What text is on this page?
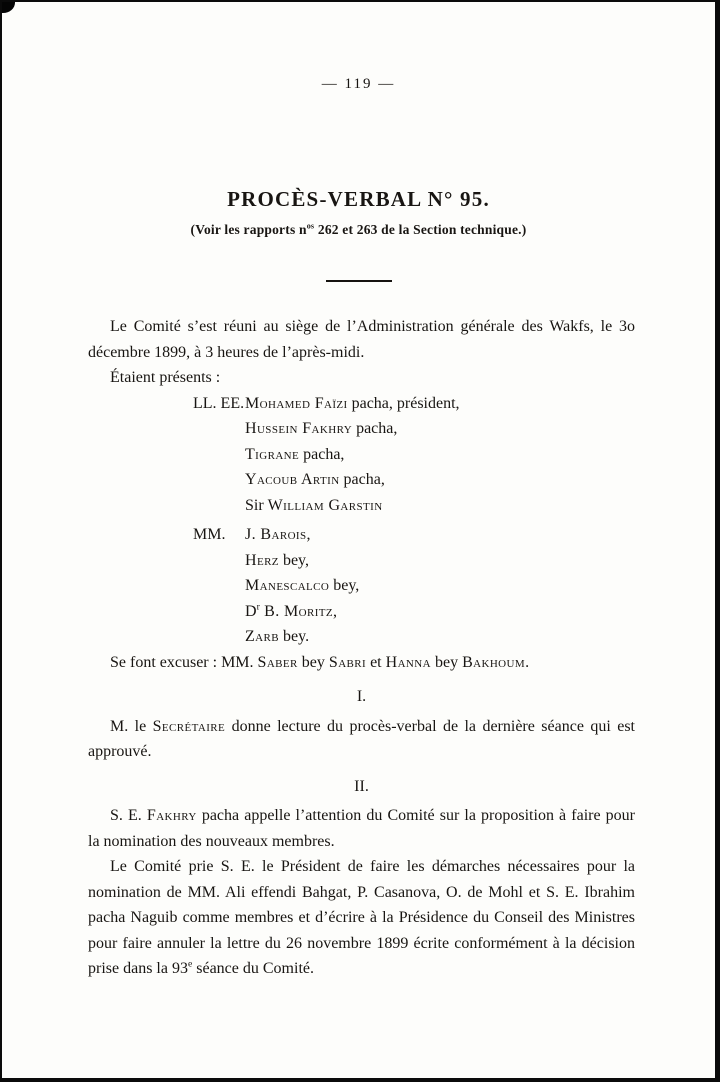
— 119 —
PROCÈS-VERBAL N° 95.
(Voir les rapports $n^{os}$ 262 et 263 de la Section technique.)

Le Comité s’est réuni au siège de l’Administration générale des Wakfs, le 3o décembre 1899, à 3 heures de l’après-midi.

Étaient présents :

LL. EE.Mohamed Faïzi pacha, président,
Hussein Fakhry pacha,
Tigrane pacha,
Yacoub Artin pacha,
Sir William Garstin
MM. J. Barois,
Herz bey,
Manescalco bey,
$D^r$ B. Moritz,
Zarb bey.

Se font excuser : MM. Saber bey Sabri et Hanna bey Bakhoum.

I.

M. le Secrétaire donne lecture du procès-verbal de la dernière séance qui est approuvé.

II.

S. E. Fakhry pacha appelle l’attention du Comité sur la proposition à faire pour la nomination des nouveaux membres.

Le Comité prie S. E. le Président de faire les démarches nécessaires pour la nomination de MM. Ali effendi Bahgat, P. Casanova, O. de Mohl et S. E. Ibrahim pacha Naguib comme membres et d’écrire à la Présidence du Conseil des Ministres pour faire annuler la lettre du 26 novembre 1899 écrite conformément à la décision prise dans la 93e séance du Comité.
